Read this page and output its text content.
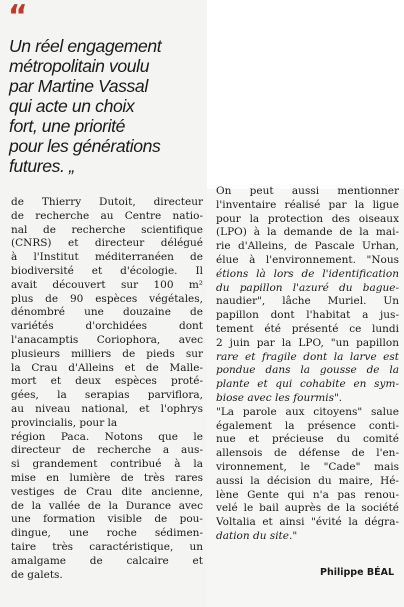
“
Un réel engagement
métropolitain voulu
par Martine Vassal
qui acte un choix
fort, une priorité
pour les générations
futures. „
de Thierry Dutoit, directeur
de recherche au Centre natio-
nal de recherche scientifique
(CNRS) et directeur délégué
à l'Institut méditerranéen de
biodiversité et d'écologie. Il
avait découvert sur 100 m²
plus de 90 espèces végétales,
dénombré une douzaine de
variétés d'orchidées dont
l'anacamptis Coriophora, avec
plusieurs milliers de pieds sur
la Crau d'Alleins et de Malle-
mort et deux espèces proté-
gées, la serapias parviflora,
au niveau national, et l'ophrys
provincialis, pour la
région Paca. Notons que le
directeur de recherche a aus-
si grandement contribué à la
mise en lumière de très rares
vestiges de Crau dite ancienne,
de la vallée de la Durance avec
une formation visible de pou-
dingue, une roche sédimen-
taire très caractéristique, un
amalgame de calcaire et
de galets.
On peut aussi mentionner
l'inventaire réalisé par la ligue
pour la protection des oiseaux
(LPO) à la demande de la mai-
rie d'Alleins, de Pascale Urhan,
élue à l'environnement. "Nous
étions là lors de l'identification
du papillon l'azuré du bague-
naudier", lâche Muriel. Un
papillon dont l'habitat a jus-
tement été présenté ce lundi
2 juin par la LPO, "un papillon
rare et fragile dont la larve est
pondue dans la gousse de la
plante et qui cohabite en sym-
biose avec les fourmis".
"La parole aux citoyens" salue
également la présence conti-
nue et précieuse du comité
allensois de défense de l'en-
vironnement, le "Cade" mais
aussi la décision du maire, Hé-
lène Gente qui n'a pas renou-
velé le bail auprès de la société
Voltalia et ainsi "évité la dégra-
dation du site."
Philippe BÉAL
